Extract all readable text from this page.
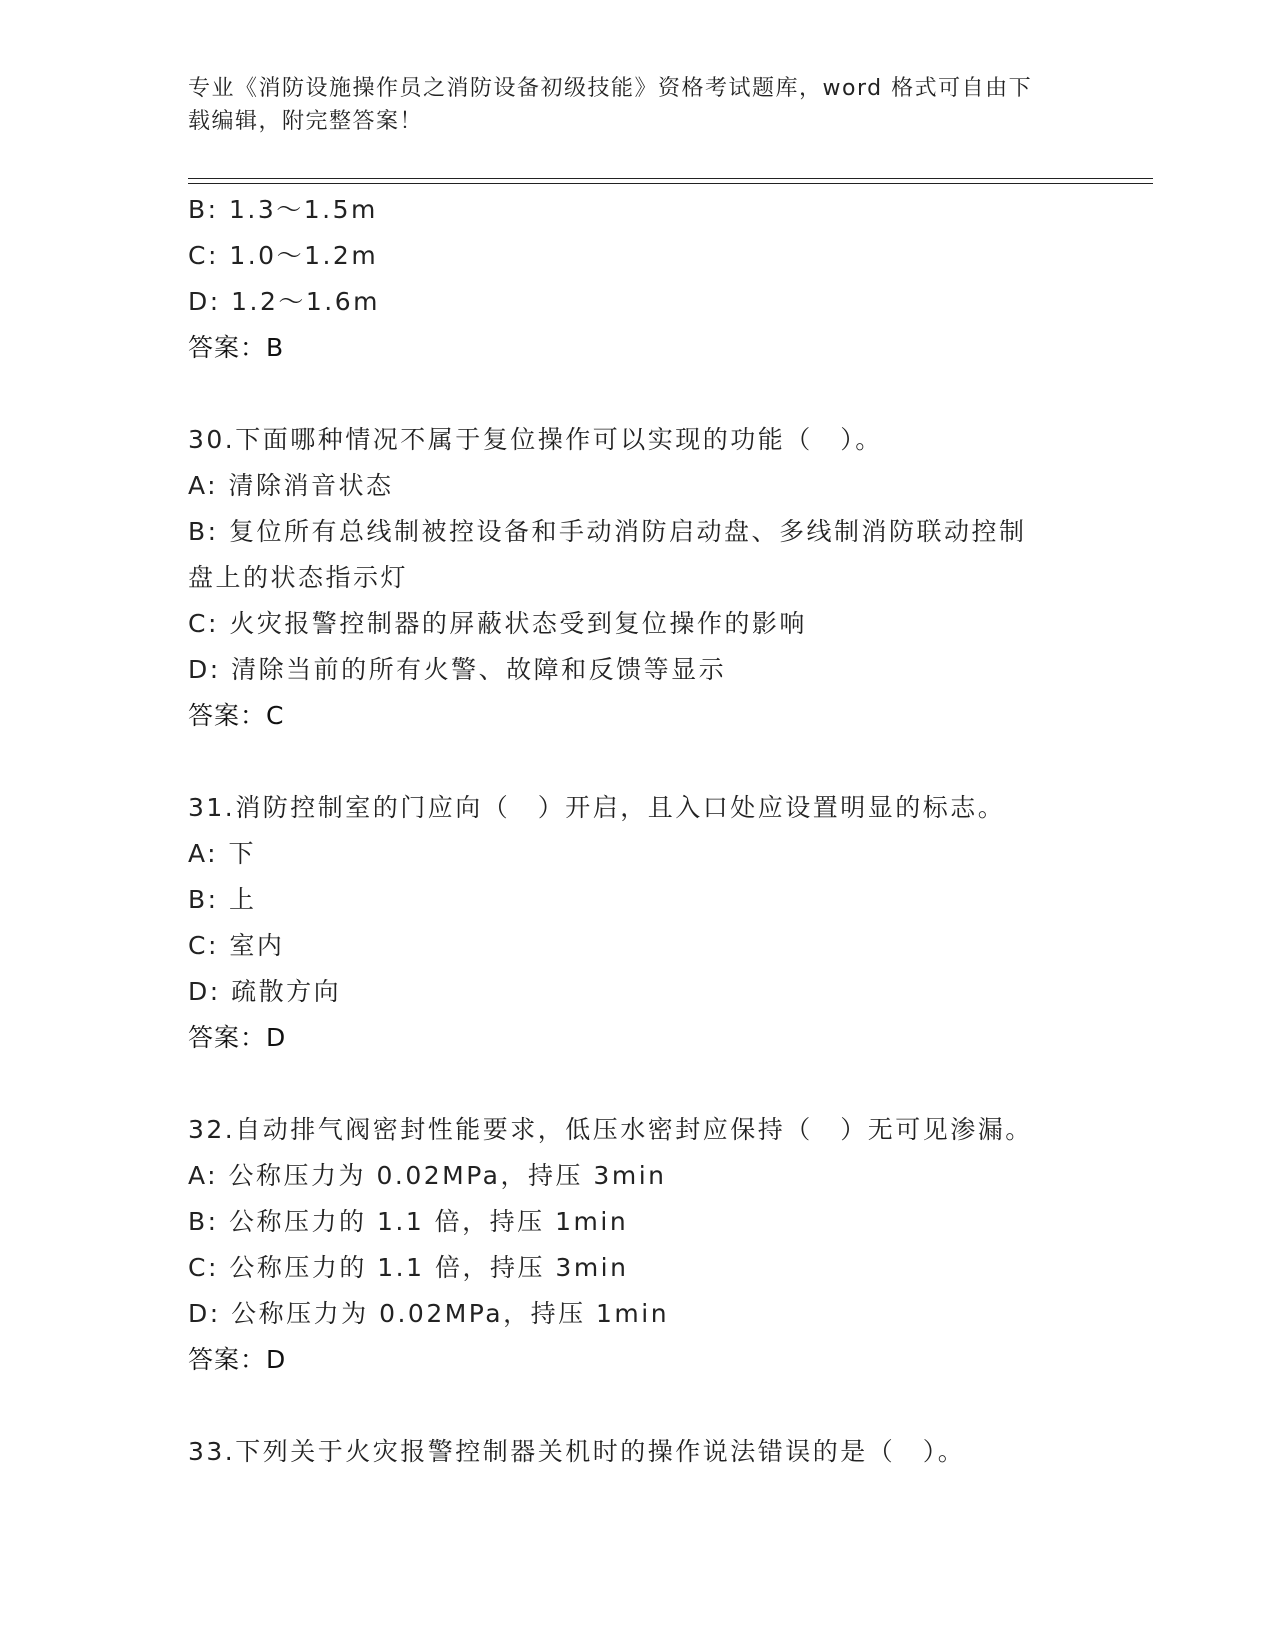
专业《消防设施操作员之消防设备初级技能》资格考试题库，word 格式可自由下
载编辑，附完整答案！
B: 1.3～1.5m
C: 1.0～1.2m
D: 1.2～1.6m
答案：B
30.下面哪种情况不属于复位操作可以实现的功能（　）。
A: 清除消音状态
B: 复位所有总线制被控设备和手动消防启动盘、多线制消防联动控制
盘上的状态指示灯
C: 火灾报警控制器的屏蔽状态受到复位操作的影响
D: 清除当前的所有火警、故障和反馈等显示
答案：C
31.消防控制室的门应向（　）开启，且入口处应设置明显的标志。
A: 下
B: 上
C: 室内
D: 疏散方向
答案：D
32.自动排气阀密封性能要求，低压水密封应保持（　）无可见渗漏。
A: 公称压力为 0.02MPa，持压 3min
B: 公称压力的 1.1 倍，持压 1min
C: 公称压力的 1.1 倍，持压 3min
D: 公称压力为 0.02MPa，持压 1min
答案：D
33.下列关于火灾报警控制器关机时的操作说法错误的是（　）。
